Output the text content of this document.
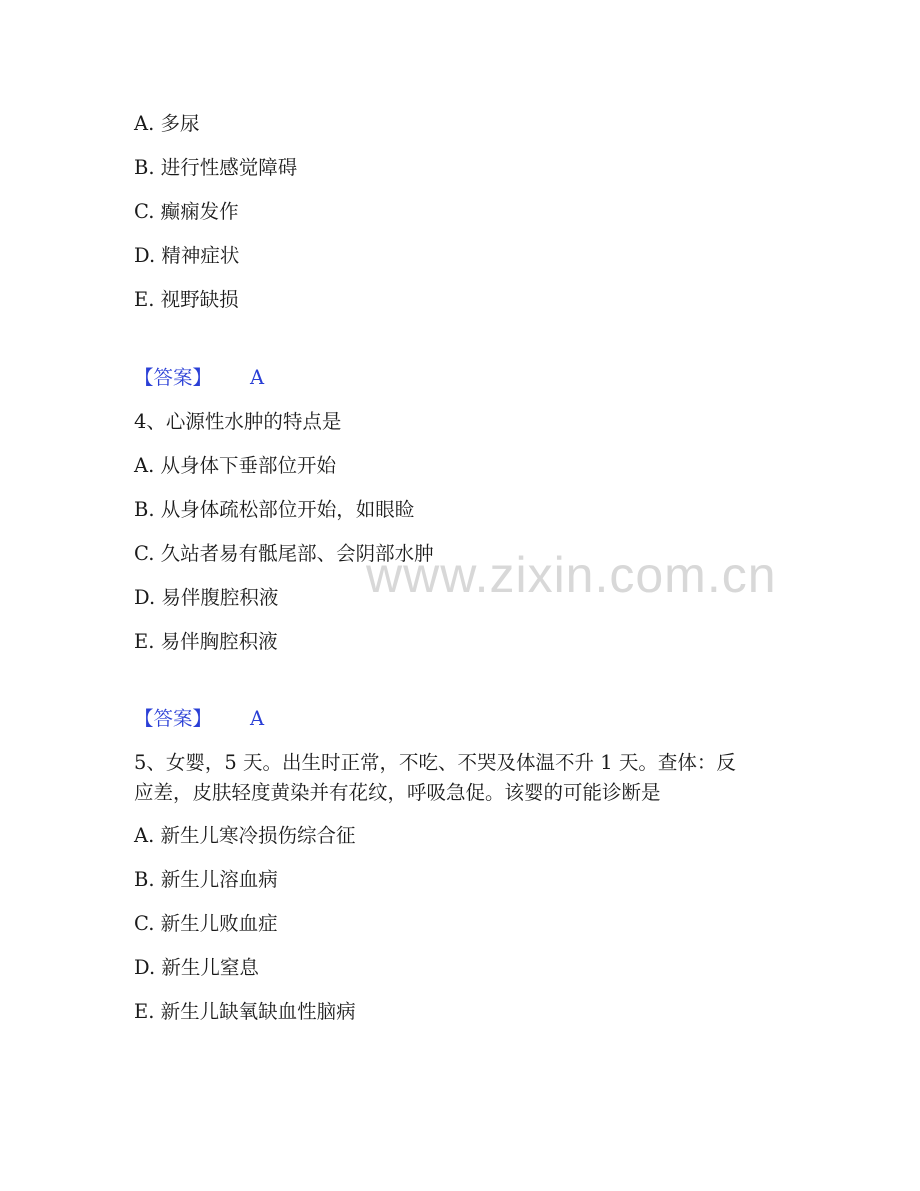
A. 多尿
B. 进行性感觉障碍
C. 癫痫发作
D. 精神症状
E. 视野缺损
【答案】 A
4、心源性水肿的特点是
A. 从身体下垂部位开始
B. 从身体疏松部位开始，如眼睑
C. 久站者易有骶尾部、会阴部水肿
D. 易伴腹腔积液
E. 易伴胸腔积液
【答案】 A
5、女婴，5 天。出生时正常，不吃、不哭及体温不升 1 天。查体：反
应差，皮肤轻度黄染并有花纹，呼吸急促。该婴的可能诊断是
A. 新生儿寒冷损伤综合征
B. 新生儿溶血病
C. 新生儿败血症
D. 新生儿窒息
E. 新生儿缺氧缺血性脑病
www.zixin.com.cn
